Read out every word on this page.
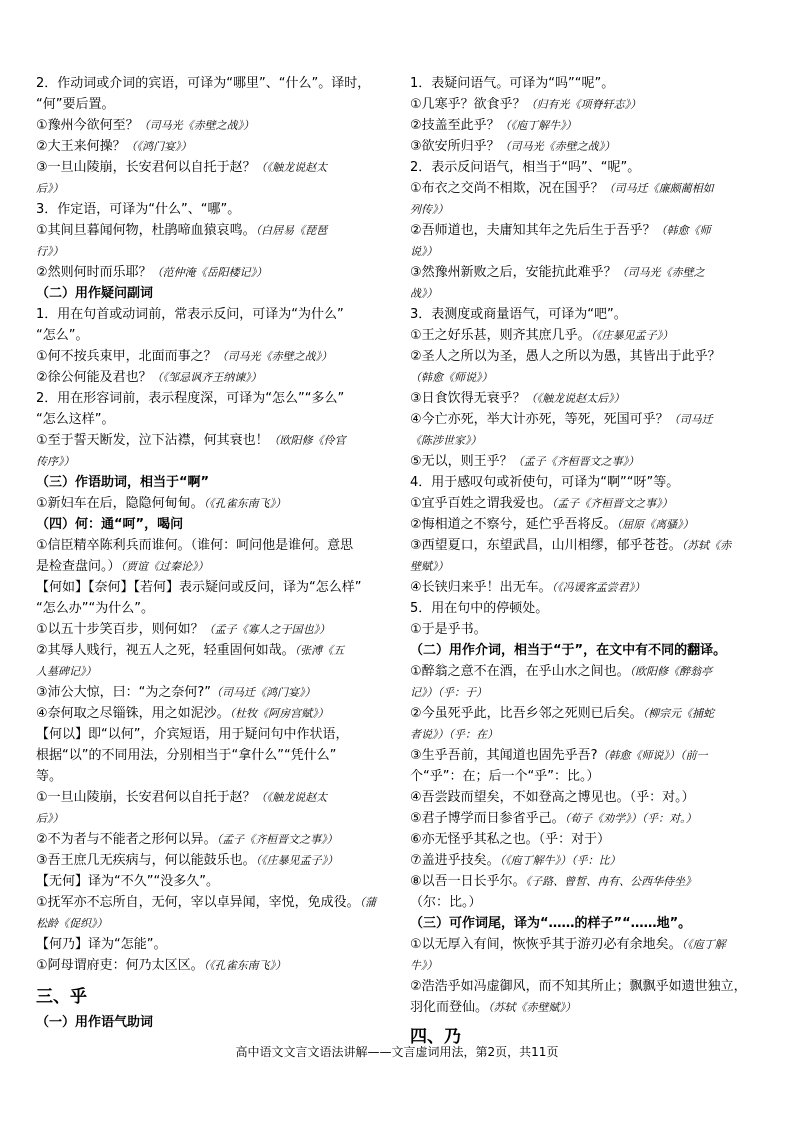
2．作动词或介词的宾语，可译为“哪里”、“什么”。译时，
“何”要后置。
①豫州今欲何至？（司马光《赤壁之战》）
②大王来何操？（《鸿门宴》）
③一旦山陵崩，长安君何以自托于赵？（《触龙说赵太
后》）
3．作定语，可译为“什么”、“哪”。
①其间旦暮闻何物，杜鹃啼血猿哀鸣。（白居易《琵琶
行》）
②然则何时而乐耶？（范仲淹《岳阳楼记》）
（二）用作疑问副词
1．用在句首或动词前，常表示反问，可译为“为什么”
“怎么”。
①何不按兵束甲，北面而事之？（司马光《赤壁之战》）
②徐公何能及君也？（《邹忌讽齐王纳谏》）
2．用在形容词前，表示程度深，可译为“怎么”“多么”
“怎么这样”。
①至于誓天断发，泣下沾襟，何其衰也！（欧阳修《伶官
传序》）
（三）作语助词，相当于“啊”
①新妇车在后，隐隐何甸甸。（《孔雀东南飞》）
（四）何：通“呵”，喝问
①信臣精卒陈利兵而谁何。（谁何：呵问他是谁何。意思
是检查盘问。）（贾谊《过秦论》）
【何如】【奈何】【若何】表示疑问或反问，译为“怎么样”
“怎么办”“为什么”。
①以五十步笑百步，则何如？（孟子《寡人之于国也》）
②其辱人贱行，视五人之死，轻重固何如哉。（张溥《五
人墓碑记》）
③沛公大惊，曰：“为之奈何?”（司马迁《鸿门宴》）
④奈何取之尽锱铢，用之如泥沙。（杜牧《阿房宫赋》）
【何以】即“以何”，介宾短语，用于疑问句中作状语，
根据“以”的不同用法，分别相当于“拿什么”“凭什么”
等。
①一旦山陵崩，长安君何以自托于赵？（《触龙说赵太
后》）
②不为者与不能者之形何以异。（孟子《齐桓晋文之事》）
③吾王庶几无疾病与，何以能鼓乐也。（《庄暴见孟子》）
【无何】译为“不久”“没多久”。
①抚军亦不忘所自，无何，宰以卓异闻，宰悦，免成役。（蒲
松龄《促织》）
【何乃】译为“怎能”。
①阿母谓府吏：何乃太区区。（《孔雀东南飞》）
三、乎
（一）用作语气助词
1．表疑问语气。可译为“吗”“呢”。
①几寒乎？欲食乎？（归有光《项脊轩志》）
②技盖至此乎？（《庖丁解牛》）
③欲安所归乎？（司马光《赤壁之战》）
2．表示反问语气，相当于“吗”、“呢”。
①布衣之交尚不相欺，况在国乎？（司马迁《廉颇蔺相如
列传》）
②吾师道也，夫庸知其年之先后生于吾乎？（韩愈《师
说》）
③然豫州新败之后，安能抗此难乎？（司马光《赤壁之
战》）
3．表测度或商量语气，可译为“吧”。
①王之好乐甚，则齐其庶几乎。（《庄暴见孟子》）
②圣人之所以为圣，愚人之所以为愚，其皆出于此乎？
（韩愈《师说》）
③日食饮得无衰乎？（《触龙说赵太后》）
④今亡亦死，举大计亦死，等死，死国可乎？（司马迁
《陈涉世家》）
⑤无以，则王乎？（孟子《齐桓晋文之事》）
4．用于感叹句或祈使句，可译为“啊”“呀”等。
①宜乎百姓之谓我爱也。（孟子《齐桓晋文之事》）
②悔相道之不察兮，延伫乎吾将反。（屈原《离骚》）
③西望夏口，东望武昌，山川相缪，郁乎苍苍。（苏轼《赤
壁赋》）
④长铗归来乎！出无车。（《冯谖客孟尝君》）
5．用在句中的停顿处。
①于是乎书。
（二）用作介词，相当于“于”，在文中有不同的翻译。
①醉翁之意不在酒，在乎山水之间也。（欧阳修《醉翁亭
记》）（乎：于）
②今虽死乎此，比吾乡邻之死则已后矣。（柳宗元《捕蛇
者说》）（乎：在）
③生乎吾前，其闻道也固先乎吾?（韩愈《师说》）（前一
个“乎”：在；后一个“乎”：比。）
④吾尝跂而望矣，不如登高之博见也。（乎：对。）
⑤君子博学而日参省乎己。（荀子《劝学》）（乎：对。）
⑥亦无怪乎其私之也。（乎：对于）
⑦盖进乎技矣。（《庖丁解牛》）（乎：比）
⑧以吾一日长乎尔。《子路、曾皙、冉有、公西华侍坐》
（尔：比。）
（三）可作词尾，译为“……的样子”“……地”。
①以无厚入有间，恢恢乎其于游刃必有余地矣。（《庖丁解
牛》）
②浩浩乎如冯虚御风，而不知其所止；飘飘乎如遗世独立，
羽化而登仙。（苏轼《赤壁赋》）
四、乃
高中语文文言文语法讲解——文言虚词用法，第2页，共11页
